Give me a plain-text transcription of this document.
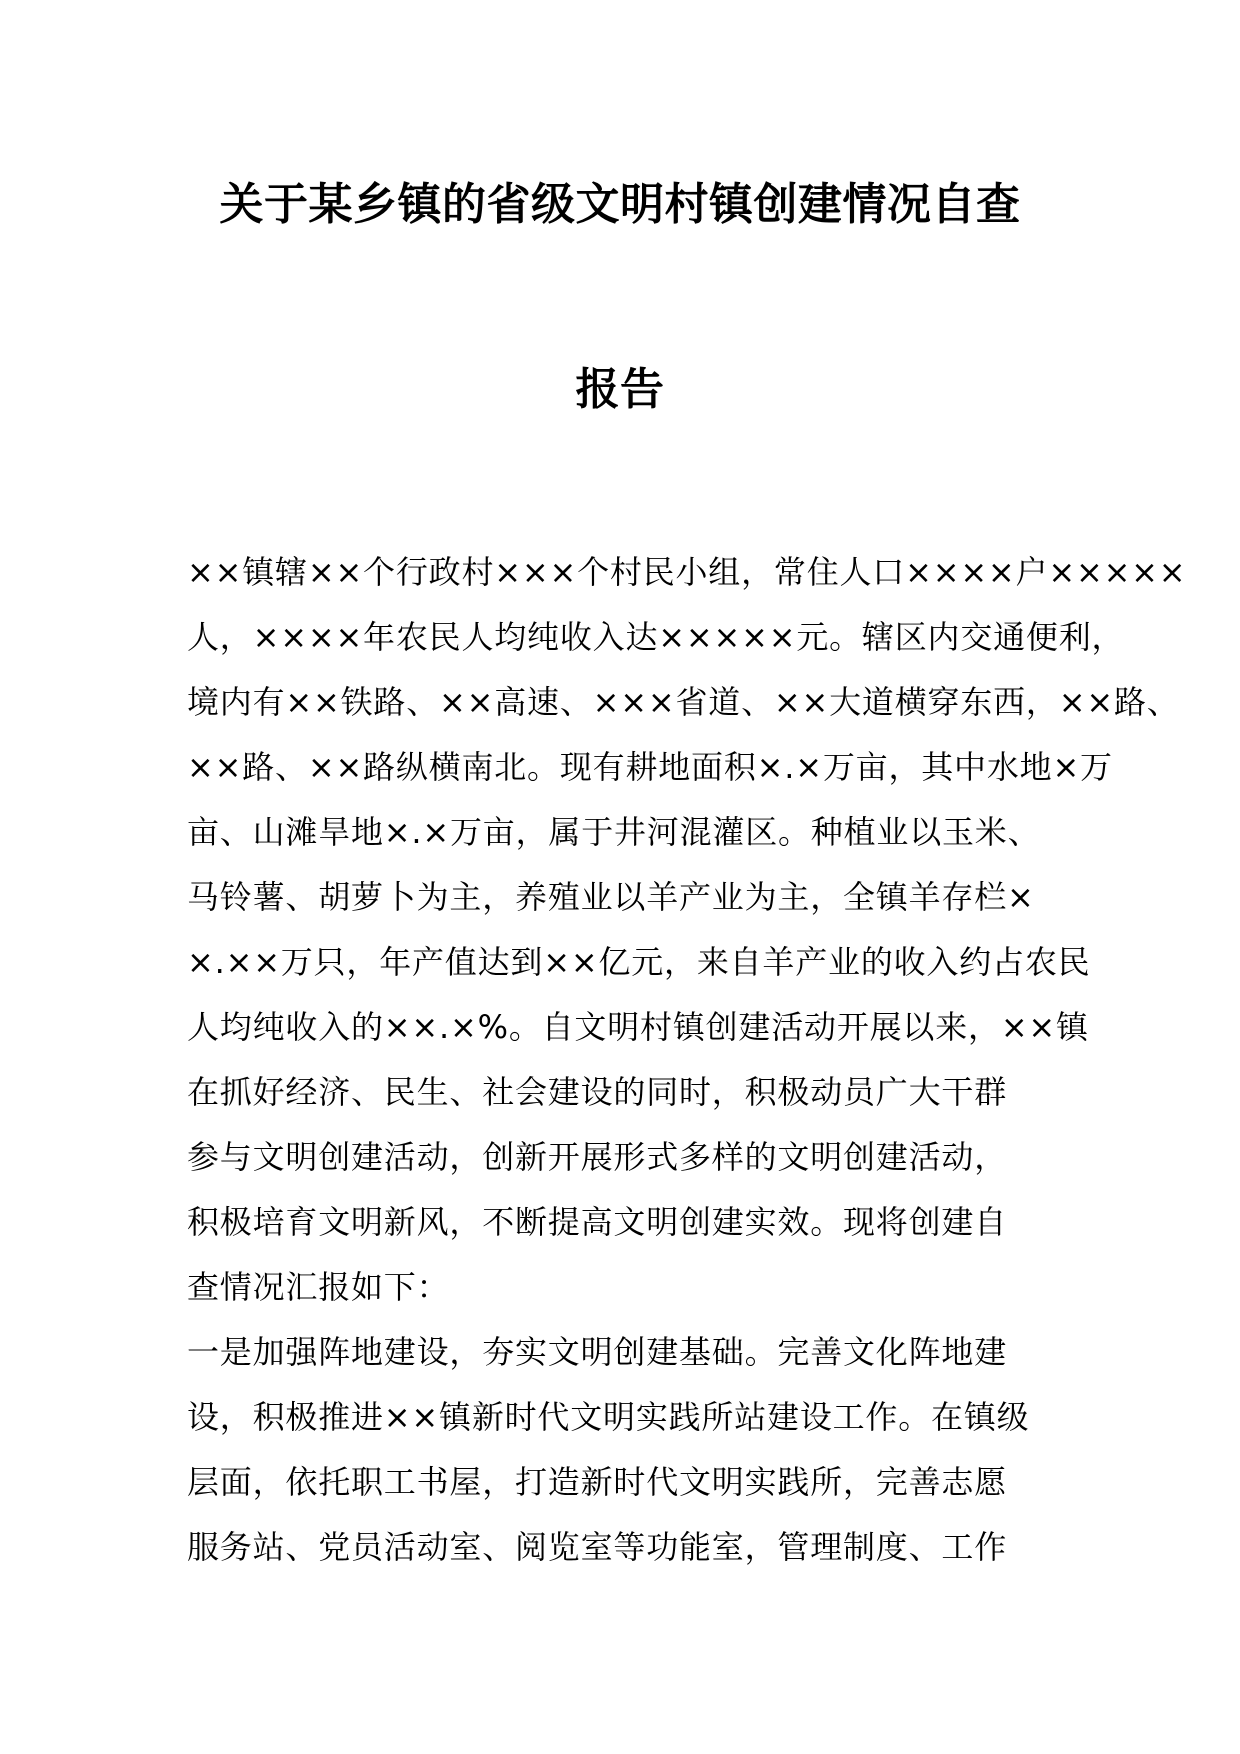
关于某乡镇的省级文明村镇创建情况自查
报告
××镇辖××个行政村×××个村民小组，常住人口××××户×××××
人，××××年农民人均纯收入达×××××元。辖区内交通便利，
境内有××铁路、××高速、×××省道、××大道横穿东西，××路、
××路、××路纵横南北。现有耕地面积×.×万亩，其中水地×万
亩、山滩旱地×.×万亩，属于井河混灌区。种植业以玉米、
马铃薯、胡萝卜为主，养殖业以羊产业为主，全镇羊存栏×
×.××万只，年产值达到××亿元，来自羊产业的收入约占农民
人均纯收入的××.×%。自文明村镇创建活动开展以来，××镇
在抓好经济、民生、社会建设的同时，积极动员广大干群
参与文明创建活动，创新开展形式多样的文明创建活动，
积极培育文明新风，不断提高文明创建实效。现将创建自
查情况汇报如下：
一是加强阵地建设，夯实文明创建基础。完善文化阵地建
设，积极推进××镇新时代文明实践所站建设工作。在镇级
层面，依托职工书屋，打造新时代文明实践所，完善志愿
服务站、党员活动室、阅览室等功能室，管理制度、工作
